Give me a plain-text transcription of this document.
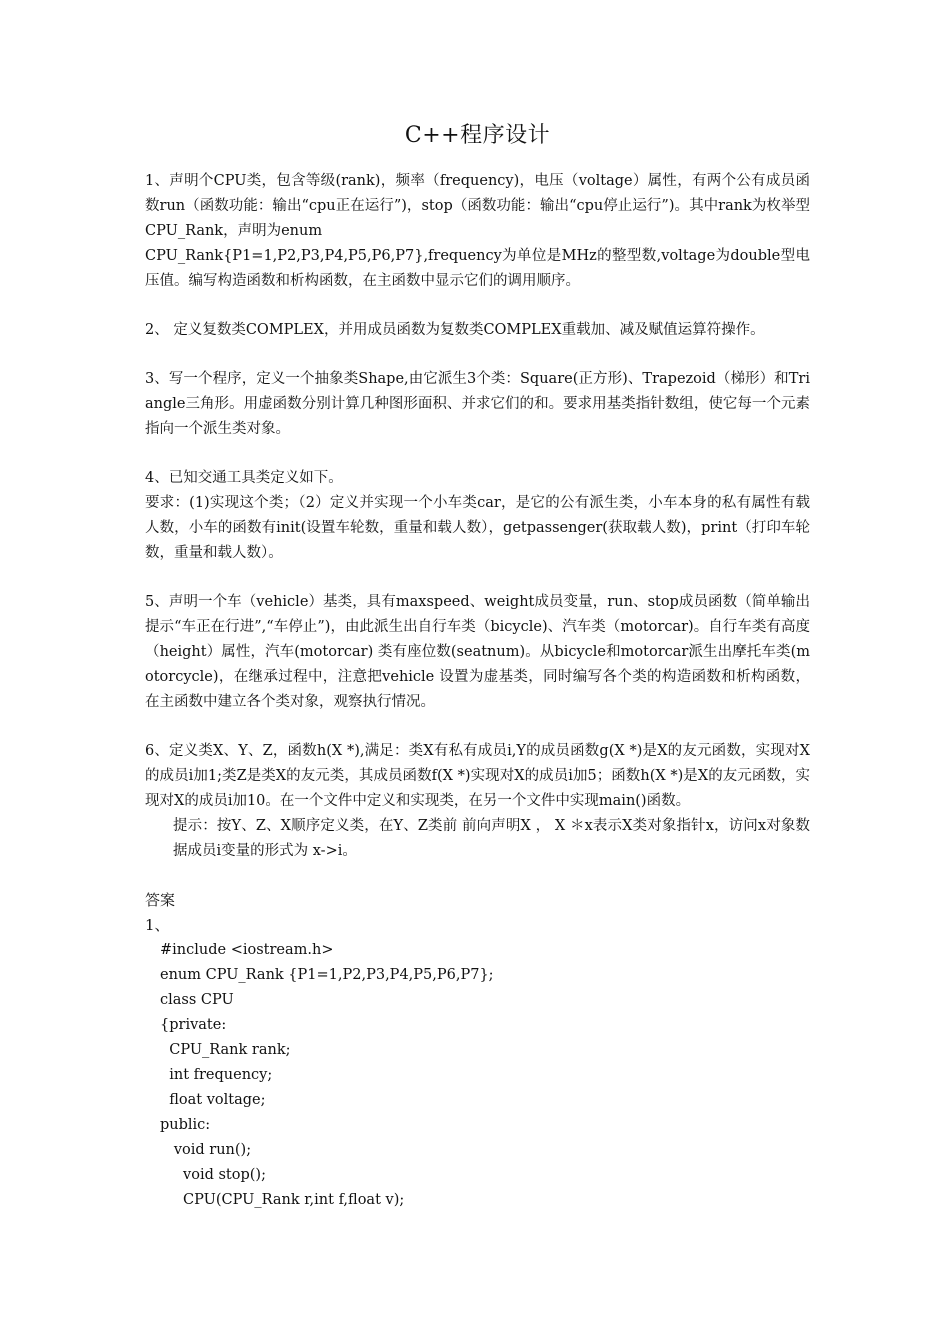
C++程序设计

1、声明个CPU类，包含等级(rank)，频率（frequency)，电压（voltage）属性，有两个公有成员函数run（函数功能：输出“cpu正在运行”)，stop（函数功能：输出“cpu停止运行”)。其中rank为枚举型CPU_Rank，声明为enum

CPU_Rank{P1=1,P2,P3,P4,P5,P6,P7},frequency为单位是MHz的整型数,voltage为double型电压值。编写构造函数和析构函数，在主函数中显示它们的调用顺序。

2、 定义复数类COMPLEX，并用成员函数为复数类COMPLEX重载加、减及赋值运算符操作。

3、写一个程序，定义一个抽象类Shape,由它派生3个类：Square(正方形)、Trapezoid（梯形）和Triangle三角形。用虚函数分别计算几种图形面积、并求它们的和。要求用基类指针数组，使它每一个元素指向一个派生类对象。

4、已知交通工具类定义如下。

要求：(1)实现这个类；（2）定义并实现一个小车类car，是它的公有派生类，小车本身的私有属性有载人数，小车的函数有init(设置车轮数，重量和载人数），getpassenger(获取载人数)，print（打印车轮数，重量和载人数）。

5、声明一个车（vehicle）基类，具有maxspeed、weight成员变量，run、stop成员函数（简单输出提示“车正在行进”,“车停止”)，由此派生出自行车类（bicycle)、汽车类（motorcar)。自行车类有高度（height）属性，汽车(motorcar) 类有座位数(seatnum)。从bicycle和motorcar派生出摩托车类(motorcycle)，在继承过程中，注意把vehicle 设置为虚基类，同时编写各个类的构造函数和析构函数，在主函数中建立各个类对象，观察执行情况。

6、定义类X、Y、Z，函数h(X *),满足：类X有私有成员i,Y的成员函数g(X *)是X的友元函数，实现对X的成员i加1;类Z是类X的友元类，其成员函数f(X *)实现对X的成员i加5；函数h(X *)是X的友元函数，实现对X的成员i加10。在一个文件中定义和实现类，在另一个文件中实现main()函数。

提示：按Y、Z、X顺序定义类，在Y、Z类前 前向声明X ， X ＊x表示X类对象指针x，访问x对象数据成员i变量的形式为 x->i。

答案
1、
#include <iostream.h>
enum CPU_Rank {P1=1,P2,P3,P4,P5,P6,P7};
class CPU
{private:
CPU_Rank rank;
int frequency;
float voltage;
public:
void run();
void stop();
CPU(CPU_Rank r,int f,float v);
